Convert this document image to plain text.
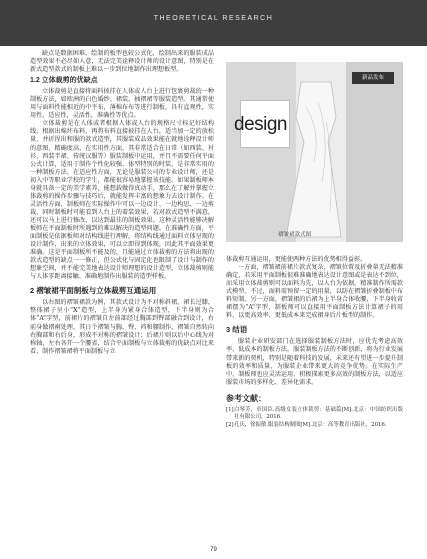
THEORETICAL RESEARCH

缺点是数据困难，绘制的板型也较公式化，绘制出来的服装成品造型效果不必尽如人意，无法完美诠释设计师的设计意图，特别是在新式造型款式的制板上难以一步到位地制作出理想板型。

1.2 立体裁剪的优缺点

立体裁剪是直接将面料披挂在人体或人台上进行包裹剪裁的一种制板方法，如欧洲的白色婚纱、裙装、抽褶裙等服装造型。其通常使用与面料性能相近的中平布，薄棉布布等进行制板，具有直观性，实用性，适应性，灵活性，准确性等优点。

立体裁剪是在人体或者根据人体或人台的规格尺寸标记好结构线，根据出棉坯布料，再将布料直接披挂在人台，适当加一定的放松量，并折捏出和服的款式造型，其服装成品效果能在就地诠释设计师的意图、精确度高，在实用性方面，其非常适合在日常（如西装、衬衫、西装半裙、传统汉服等）服装制板中运用，并且不需要任何平面公式计算，适用于制作个性化较强、体型特别的时装，是非常实用的一种制板方法。在适应性方面，无论是服装公司的专业设计师，还是初入中等职业学校的学生，都能很容易地掌握该技能。如果制板师本身就具备一定的美学素养，能想载做得真动手，那么在了解并掌握立体裁剪的操作步骤与技巧后，就能发挥丰富的想象力去设计制作。在灵活性方面，制板师在实际操作中可以一边设计、一边构思、一边剪裁，同时制板时可能看到人台上的着装效果，若对款式造型不满意，还可以马上进行修改，以达到最佳的制板效果。这种灵活性能够决解板师在平面制板时所遇到的难以解决的造型问题。在准确性方面，平面制板是依据板师对结构线进行理解，将结构线通过面料立体呈现的设计制作，出来的立体效果，可以立即得到体现，因此其平面效果更准确。这是平面制板所不能及的，且能通过立体裁剪的方法将出现的款式造型的缺点一一修正，但公式化与固定化也限制了设计与制作的想象空间，并不能完美地表达设计师理想的设计造型，立体裁剪则能与人体零距离接触、准确地制作出服装的造型样板。

2 褶皱裙平面制板与立体裁剪互通运用

以右图的褶皱裙款为例，其款式设计为不对称斜裙，裙长过膝，整体裙子呈小“X”造型，上半身为紧身合体造型，下半身则为合体“A”字型，前裙片的褶皱自左前部经过胸部到臀部融合到设计，右前身做褶裥处理，其日个褶皱与胸、臀、裆和腰制作，褶皱自然转向右胸部和右后身，形成不对称的褶皱设计；后裙片则以后中心线为对称轴，左右各开一个腰省，结合平面制板与立体裁剪的优缺点对比来看，制作褶皱裙将平面制板与立

design
新品发布
褶皱裙款式图

体裁剪互通运用，更能使两种方法的优势相得益彰。

一方面，褶皱裙前裙片款式复杂，褶皱位置及折叠量无法精准确定，若采用平面制板很难准确地表达设计意图或是表达不到位，而采用立体裁剪则可以面料为先，以人台为依据，精准制作所需款式模型。不过，面料需预留一定的用量，以防在褶皱折叠制板中布料短制。另一方面，褶皱裙的后裙为上半身合体收腰，下半身收省裙摆为“A”字型，制板师可以直接用平面制板方法计算裙子的用料，以更高效率、更低成本来完成裙身后片板型的制作。

3 结语

服装企业研发部门在选择服装制板方法时，应优先考虑高效率、低成本的制板方法。服装制板方法的不断创新，将为行业发展带来新的契机，特别是随着科技的发展，未来还有望进一步提升制板的效率和质量，为服装企业带来更大的竞争优势。在实际生产中，制板师也应灵活运用，积极探索更多高效的制板方法，以适应服装市场的多样化、差异化需求。

参考文献：
[1] 白琴芳，章国臣.高级女装立体裁剪：基础篇[M].北京：中国纺织出版社有限公司，2016.
[2] 孔庆，徐振敏.服装结构制图[M].北京：高等教育出版社，2016.
79
